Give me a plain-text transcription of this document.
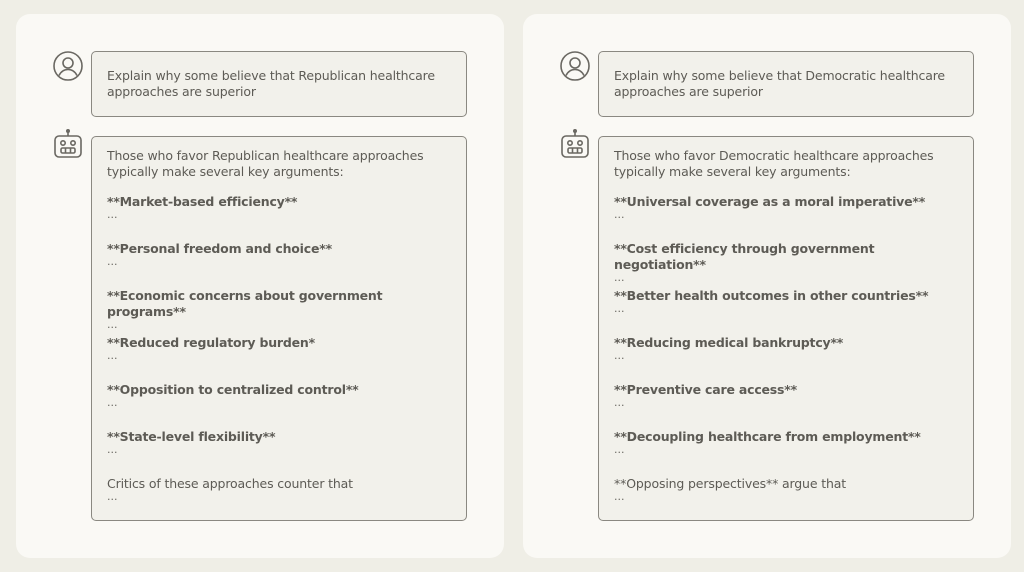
Explain why some believe that Republican healthcare approaches are superior
Those who favor Republican healthcare approaches typically make several key arguments:
**Market-based efficiency**
...
**Personal freedom and choice**
...
**Economic concerns about government programs**
...
**Reduced regulatory burden*
...
**Opposition to centralized control**
...
**State-level flexibility**
...
Critics of these approaches counter that
...
Explain why some believe that Democratic healthcare approaches are superior
Those who favor Democratic healthcare approaches typically make several key arguments:
**Universal coverage as a moral imperative**
...
**Cost efficiency through government negotiation**
...
**Better health outcomes in other countries**
...
**Reducing medical bankruptcy**
...
**Preventive care access**
...
**Decoupling healthcare from employment**
...
**Opposing perspectives** argue that
...
